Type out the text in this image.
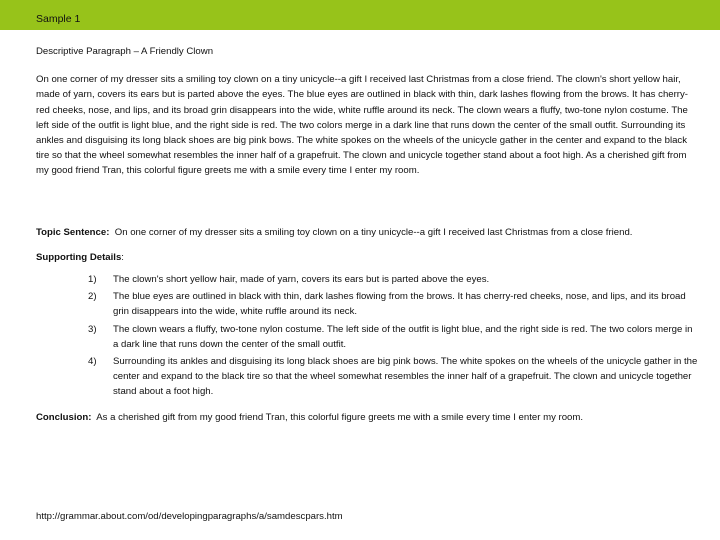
Sample 1

Descriptive Paragraph – A Friendly Clown

On one corner of my dresser sits a smiling toy clown on a tiny unicycle--a gift I received last Christmas from a close friend. The clown's short yellow hair, made of yarn, covers its ears but is parted above the eyes. The blue eyes are outlined in black with thin, dark lashes flowing from the brows. It has cherry-red cheeks, nose, and lips, and its broad grin disappears into the wide, white ruffle around its neck. The clown wears a fluffy, two-tone nylon costume. The left side of the outfit is light blue, and the right side is red. The two colors merge in a dark line that runs down the center of the small outfit. Surrounding its ankles and disguising its long black shoes are big pink bows. The white spokes on the wheels of the unicycle gather in the center and expand to the black tire so that the wheel somewhat resembles the inner half of a grapefruit. The clown and unicycle together stand about a foot high. As a cherished gift from my good friend Tran, this colorful figure greets me with a smile every time I enter my room.

Topic Sentence: On one corner of my dresser sits a smiling toy clown on a tiny unicycle--a gift I received last Christmas from a close friend.

Supporting Details:

1) The clown's short yellow hair, made of yarn, covers its ears but is parted above the eyes.
2) The blue eyes are outlined in black with thin, dark lashes flowing from the brows. It has cherry-red cheeks, nose, and lips, and its broad grin disappears into the wide, white ruffle around its neck.
3) The clown wears a fluffy, two-tone nylon costume. The left side of the outfit is light blue, and the right side is red. The two colors merge in a dark line that runs down the center of the small outfit.
4) Surrounding its ankles and disguising its long black shoes are big pink bows. The white spokes on the wheels of the unicycle gather in the center and expand to the black tire so that the wheel somewhat resembles the inner half of a grapefruit. The clown and unicycle together stand about a foot high.

Conclusion: As a cherished gift from my good friend Tran, this colorful figure greets me with a smile every time I enter my room.

http://grammar.about.com/od/developingparagraphs/a/samdescpars.htm
